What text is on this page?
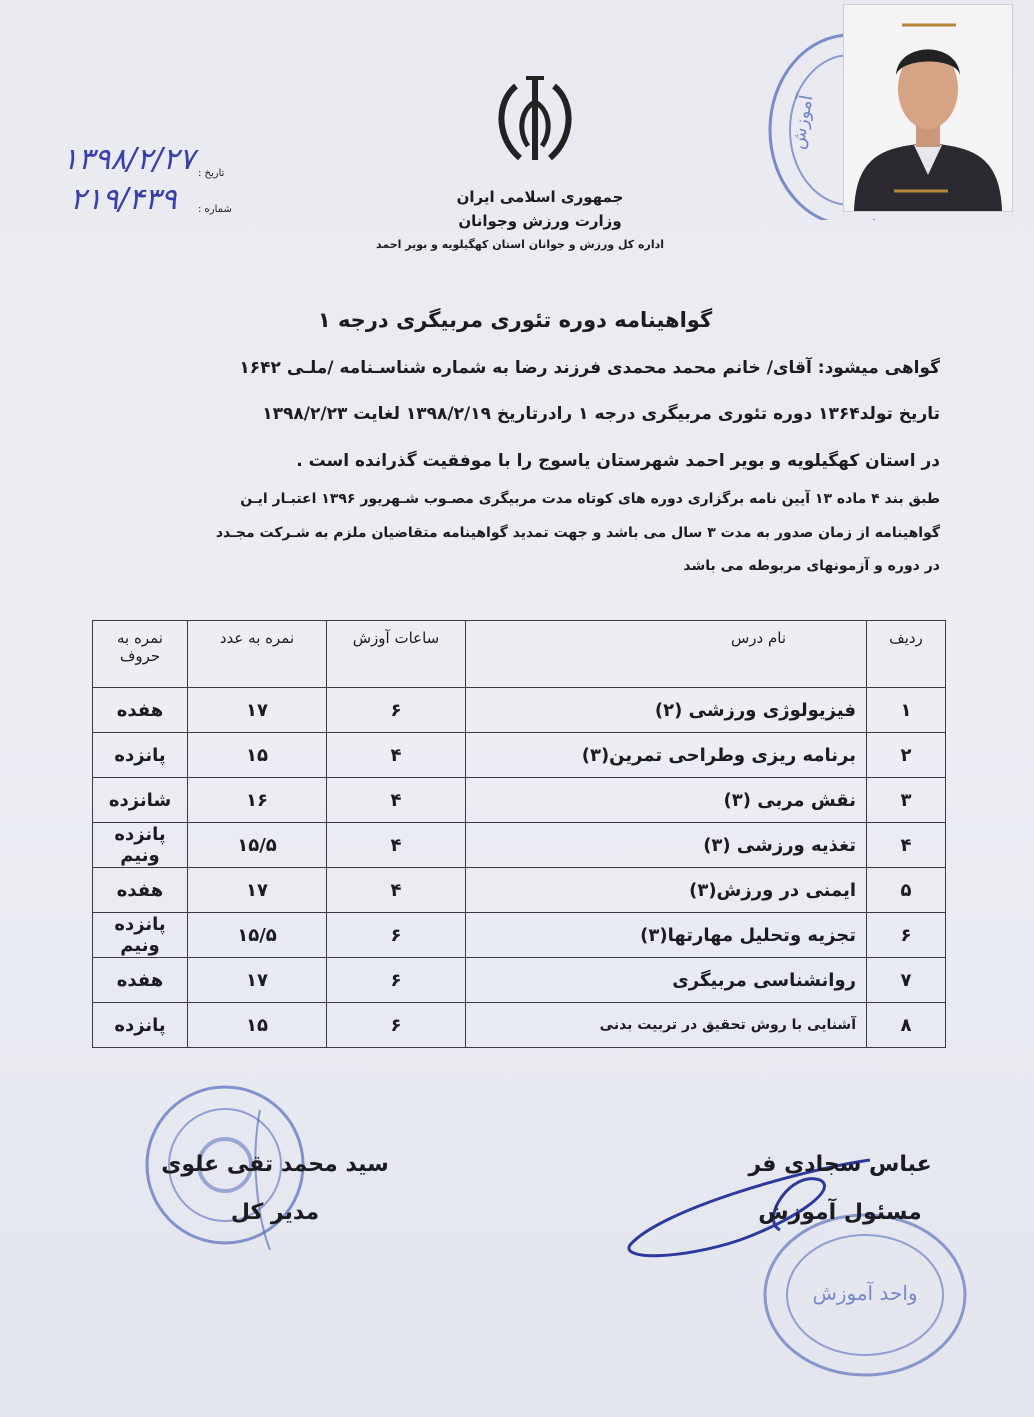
جمهوری اسلامی ایران
وزارت ورزش وجوانان
اداره کل ورزش و جوانان استان کهگیلویه و بویر احمد
۱۳۹۸/۲/۲۷
۲۱۹/۴۳۹
تاریخ :
شماره :
آموزش
گواهینامه دوره تئوری مربیگری درجه ۱
گواهی میشود: آقای/ خانم محمد محمدی فرزند رضا به شماره شناسـنامه /ملـی ۱۶۴۲
تاریخ تولد۱۳۶۴ دوره تئوری مربیگری درجه ۱ رادرتاریخ ۱۳۹۸/۲/۱۹ لغایت ۱۳۹۸/۲/۲۳
در استان کهگیلویه و بویر احمد شهرستان یاسوج را با موفقیت گذرانده است .
طبق بند ۴ ماده ۱۳ آیین نامه برگزاری دوره های کوتاه مدت مربیگری مصـوب شـهریور ۱۳۹۶ اعتبـار ایـن
گواهینامه از زمان صدور به مدت ۳ سال می باشد و جهت تمدید گواهینامه متقاضیان ملزم به شـرکت مجـدد
در دوره و آزمونهای مربوطه می باشد
ردیف	نام درس	ساعات آوزش	نمره به عدد	نمره به حروف
۱	فیزیولوژی ورزشی (۲)	۶	۱۷	هفده
۲	برنامه ریزی وطراحی تمرین(۳)	۴	۱۵	پانزده
۳	نقش مربی (۳)	۴	۱۶	شانزده
۴	تغذیه ورزشی (۳)	۴	۱۵/۵	پانزده ونیم
۵	ایمنی در ورزش(۳)	۴	۱۷	هفده
۶	تجزیه وتحلیل مهارتها(۳)	۶	۱۵/۵	پانزده ونیم
۷	روانشناسی مربیگری	۶	۱۷	هفده
۸	آشنایی با روش تحقیق در تربیت بدنی	۶	۱۵	پانزده
واحد آموزش
سید محمد تقی علوی
مدیر کل
عباس سجادی فر
مسئول آموزش
